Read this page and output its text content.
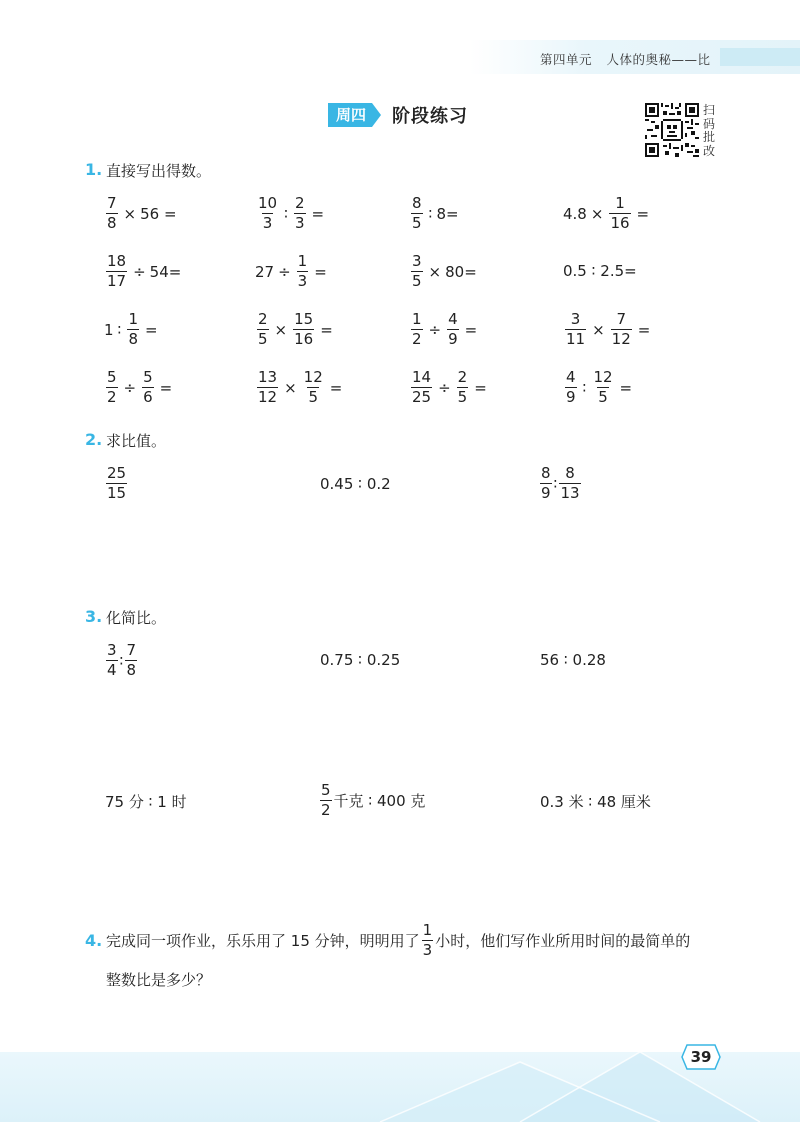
第四单元 人体的奥秘——比
周四	阶段练习	扫码批改
1. 直接写出得数。
$\frac{7}{8} \times 56$ =	$\frac{10}{3}$ ∶ $\frac{2}{3}$ =	$\frac{8}{5}$ ∶ 8=	$4.8 \times \frac{1}{16}$ =
$\frac{18}{17} \div 54=$	$27 \div \frac{1}{3}$ =	$\frac{3}{5} \times 80=$	0.5 ∶ 2.5=
1 ∶ $\frac{1}{8}$ =	$\frac{2}{5} \times \frac{15}{16}$ =	$\frac{1}{2} \div \frac{4}{9}$ =	$\frac{3}{11} \times \frac{7}{12}$ =
$\frac{5}{2} \div \frac{5}{6}$ =	$\frac{13}{12} \times \frac{12}{5}$ =	$\frac{14}{25} \div \frac{2}{5}$ =	$\frac{4}{9}$ ∶ $\frac{12}{5}$ =
2. 求比值。
$\frac{25}{15}$	0.45 ∶ 0.2	$\frac{8}{9}$ ∶ $\frac{8}{13}$
3. 化简比。
$\frac{3}{4}$ ∶ $\frac{7}{8}$	0.75 ∶ 0.25	56 ∶ 0.28
75 分 ∶ 1 时	$\frac{5}{2}$ 千克 ∶ 400 克	0.3 米 ∶ 48 厘米
4. 完成同一项作业，乐乐用了 15 分钟，明明用了 $\frac{1}{3}$ 小时，他们写作业所用时间的最简单的
整数比是多少？
39
